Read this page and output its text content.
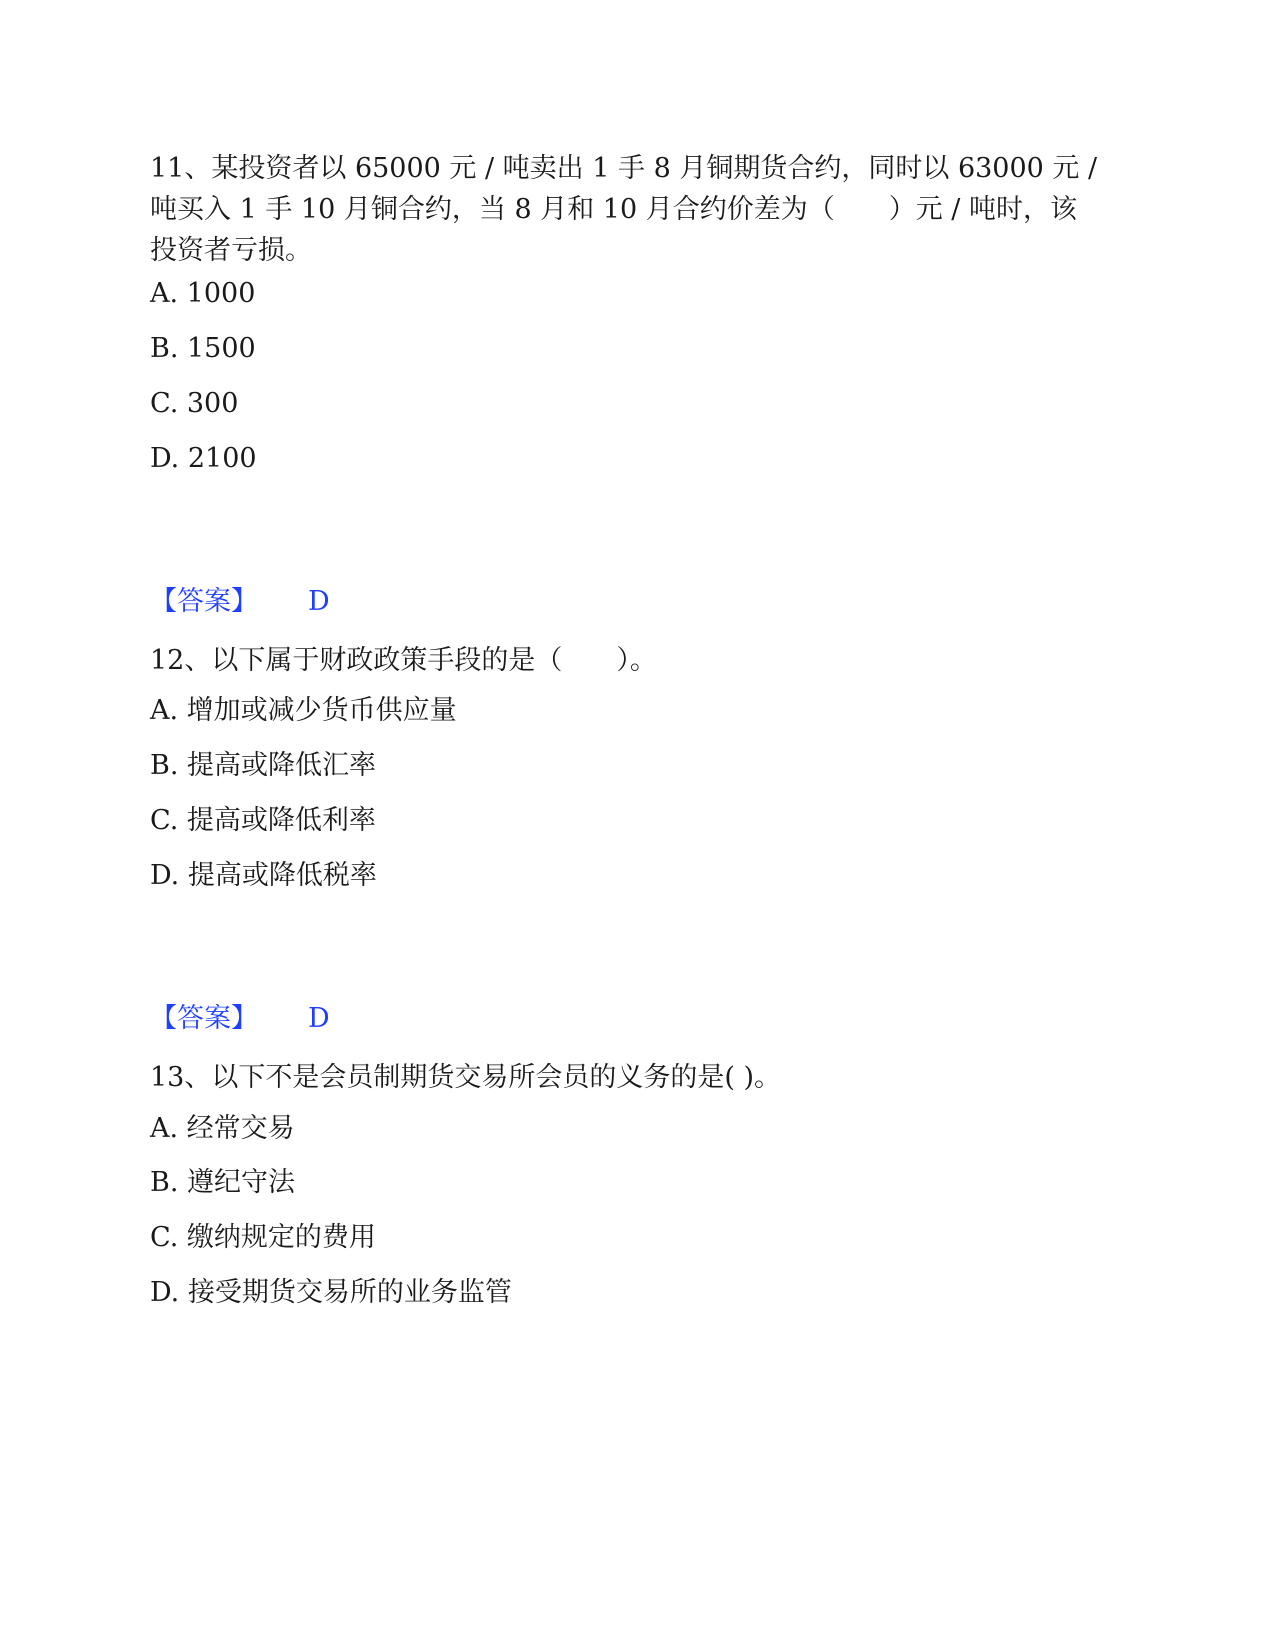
11、某投资者以 65000 元 / 吨卖出 1 手 8 月铜期货合约，同时以 63000 元 / 吨买入 1 手 10 月铜合约，当 8 月和 10 月合约价差为（　　）元 / 吨时，该投资者亏损。

A. 1000

B. 1500

C. 300

D. 2100

【答案】 D

12、以下属于财政政策手段的是（　　）。

A. 增加或减少货币供应量

B. 提高或降低汇率

C. 提高或降低利率

D. 提高或降低税率

【答案】 D

13、以下不是会员制期货交易所会员的义务的是( )。

A. 经常交易

B. 遵纪守法

C. 缴纳规定的费用

D. 接受期货交易所的业务监管
